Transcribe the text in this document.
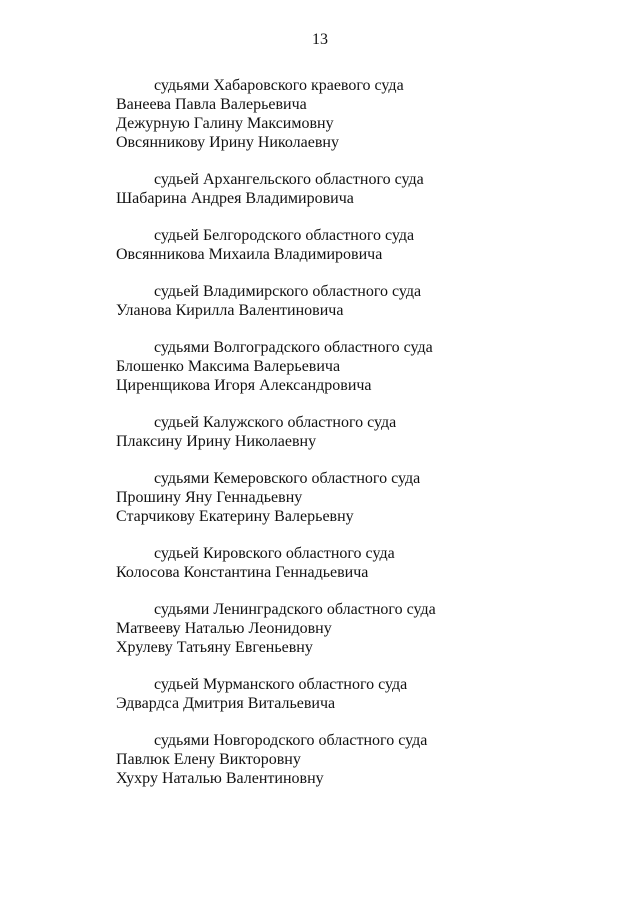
13
судьями Хабаровского краевого суда
Ванеева Павла Валерьевича
Дежурную Галину Максимовну
Овсянникову Ирину Николаевну
судьей Архангельского областного суда
Шабарина Андрея Владимировича
судьей Белгородского областного суда
Овсянникова Михаила Владимировича
судьей Владимирского областного суда
Уланова Кирилла Валентиновича
судьями Волгоградского областного суда
Блошенко Максима Валерьевича
Циренщикова Игоря Александровича
судьей Калужского областного суда
Плаксину Ирину Николаевну
судьями Кемеровского областного суда
Прошину Яну Геннадьевну
Старчикову Екатерину Валерьевну
судьей Кировского областного суда
Колосова Константина Геннадьевича
судьями Ленинградского областного суда
Матвееву Наталью Леонидовну
Хрулеву Татьяну Евгеньевну
судьей Мурманского областного суда
Эдвардса Дмитрия Витальевича
судьями Новгородского областного суда
Павлюк Елену Викторовну
Хухру Наталью Валентиновну
